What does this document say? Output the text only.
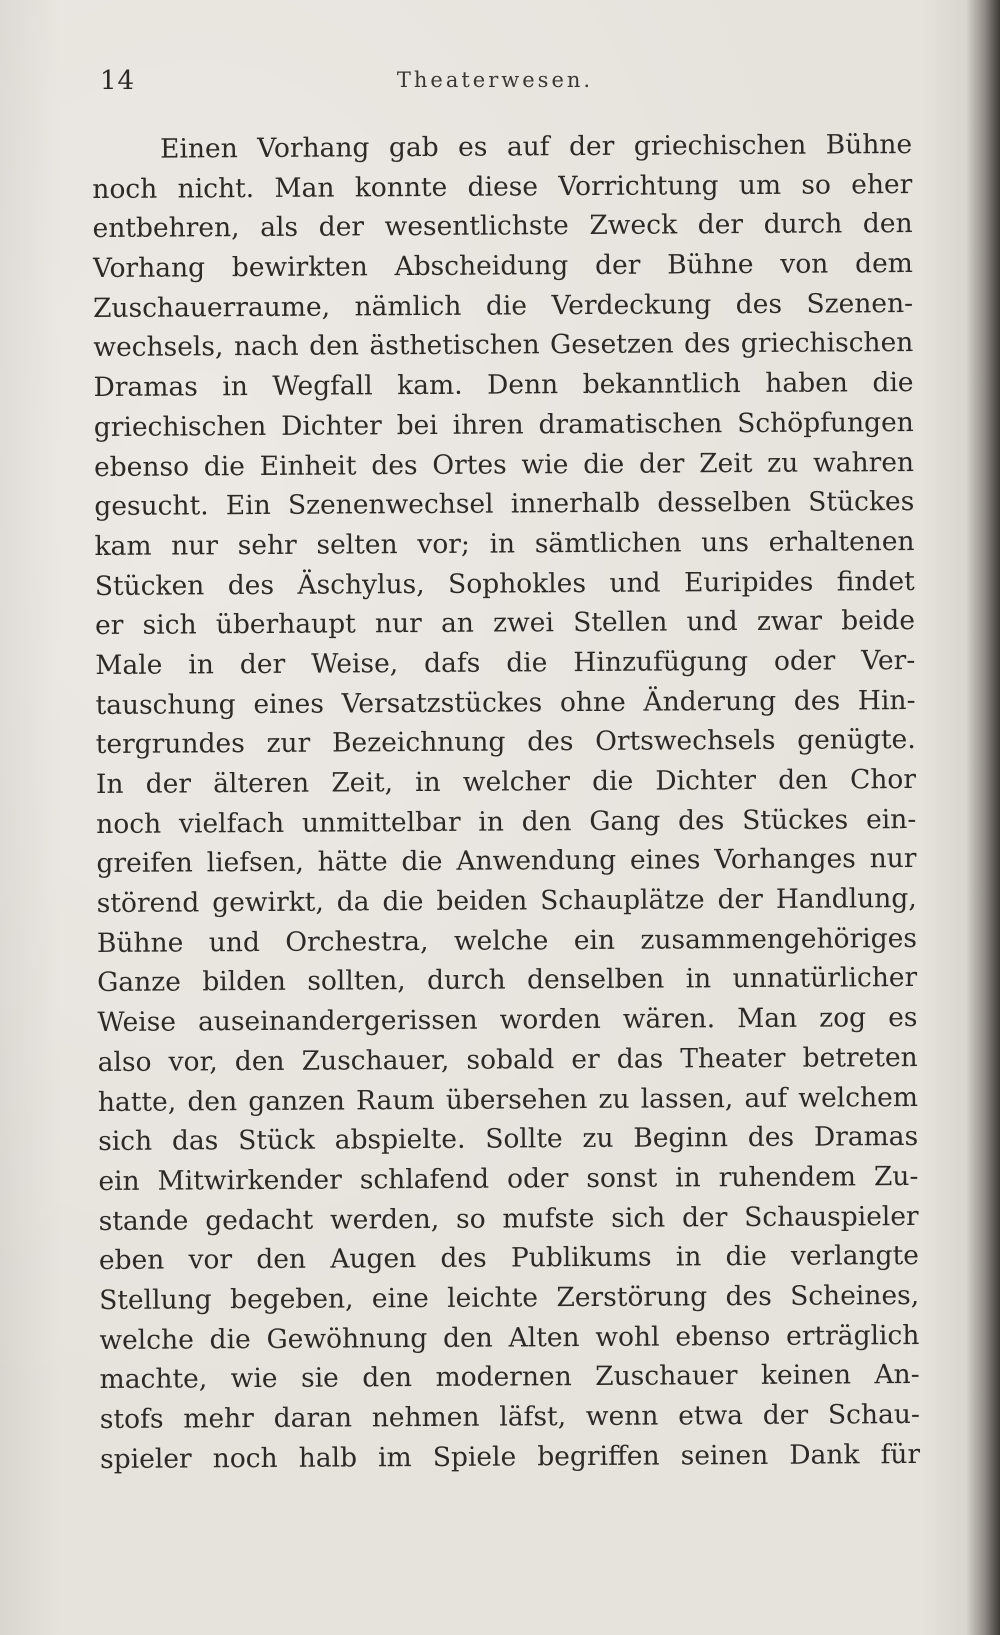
14	Theaterwesen.
Einen Vorhang gab es auf der griechischen Bühne
noch nicht. Man konnte diese Vorrichtung um so eher
entbehren, als der wesentlichste Zweck der durch den
Vorhang bewirkten Abscheidung der Bühne von dem
Zuschauerraume, nämlich die Verdeckung des Szenen-
wechsels, nach den ästhetischen Gesetzen des griechischen
Dramas in Wegfall kam. Denn bekanntlich haben die
griechischen Dichter bei ihren dramatischen Schöpfungen
ebenso die Einheit des Ortes wie die der Zeit zu wahren
gesucht. Ein Szenenwechsel innerhalb desselben Stückes
kam nur sehr selten vor; in sämtlichen uns erhaltenen
Stücken des Äschylus, Sophokles und Euripides findet
er sich überhaupt nur an zwei Stellen und zwar beide
Male in der Weise, dafs die Hinzufügung oder Ver-
tauschung eines Versatzstückes ohne Änderung des Hin-
tergrundes zur Bezeichnung des Ortswechsels genügte.
In der älteren Zeit, in welcher die Dichter den Chor
noch vielfach unmittelbar in den Gang des Stückes ein-
greifen liefsen, hätte die Anwendung eines Vorhanges nur
störend gewirkt, da die beiden Schauplätze der Handlung,
Bühne und Orchestra, welche ein zusammengehöriges
Ganze bilden sollten, durch denselben in unnatürlicher
Weise auseinandergerissen worden wären. Man zog es
also vor, den Zuschauer, sobald er das Theater betreten
hatte, den ganzen Raum übersehen zu lassen, auf welchem
sich das Stück abspielte. Sollte zu Beginn des Dramas
ein Mitwirkender schlafend oder sonst in ruhendem Zu-
stande gedacht werden, so mufste sich der Schauspieler
eben vor den Augen des Publikums in die verlangte
Stellung begeben, eine leichte Zerstörung des Scheines,
welche die Gewöhnung den Alten wohl ebenso erträglich
machte, wie sie den modernen Zuschauer keinen An-
stofs mehr daran nehmen läfst, wenn etwa der Schau-
spieler noch halb im Spiele begriffen seinen Dank für
